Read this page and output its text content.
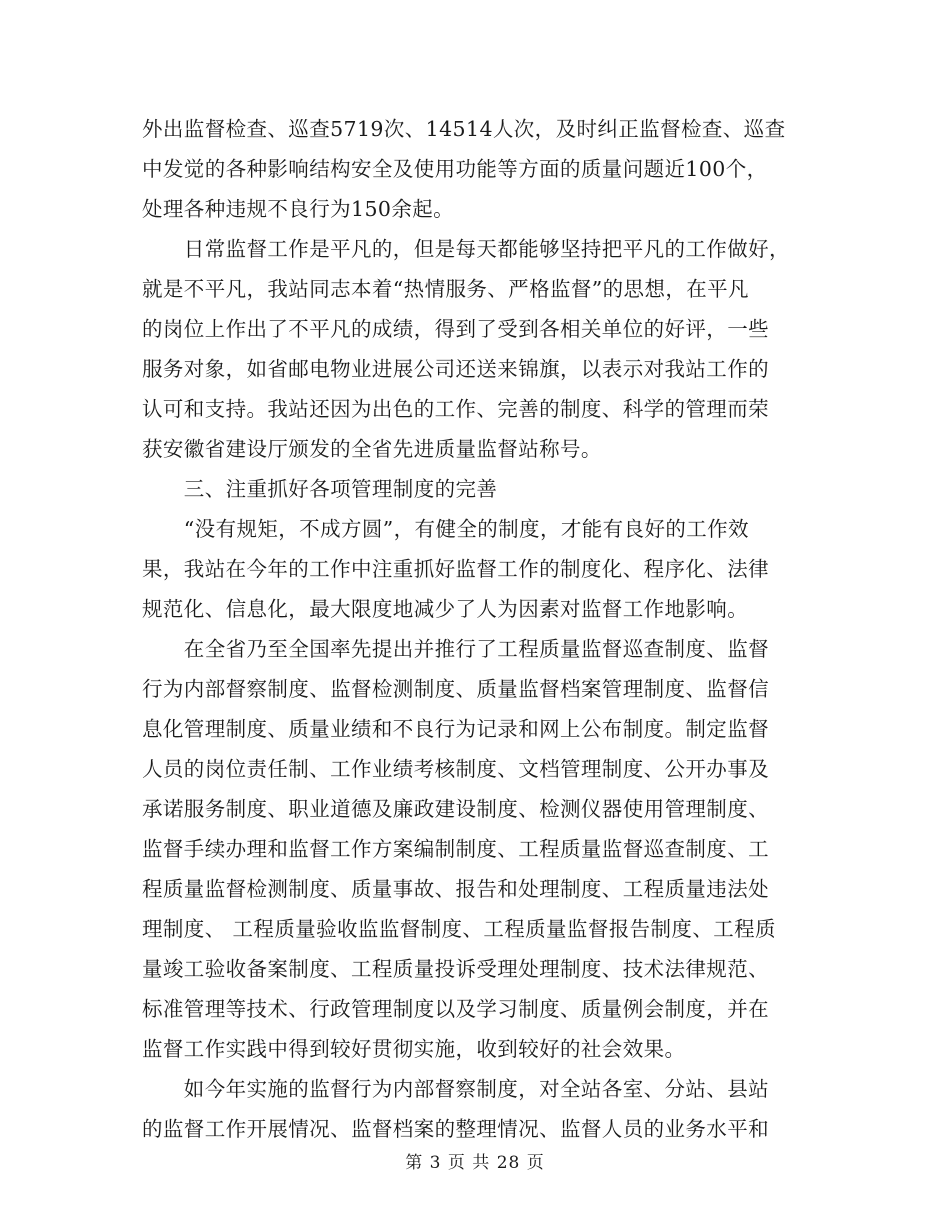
外出监督检查、巡查5719次、14514人次，及时纠正监督检查、巡查
中发觉的各种影响结构安全及使用功能等方面的质量问题近100个，
处理各种违规不良行为150余起。
　　日常监督工作是平凡的，但是每天都能够坚持把平凡的工作做好，
就是不平凡，我站同志本着“热情服务、严格监督”的思想，在平凡
的岗位上作出了不平凡的成绩，得到了受到各相关单位的好评，一些
服务对象，如省邮电物业进展公司还送来锦旗，以表示对我站工作的
认可和支持。我站还因为出色的工作、完善的制度、科学的管理而荣
获安徽省建设厅颁发的全省先进质量监督站称号。
　　三、注重抓好各项管理制度的完善
　　“没有规矩，不成方圆”，有健全的制度，才能有良好的工作效
果，我站在今年的工作中注重抓好监督工作的制度化、程序化、法律
规范化、信息化，最大限度地减少了人为因素对监督工作地影响。
　　在全省乃至全国率先提出并推行了工程质量监督巡查制度、监督
行为内部督察制度、监督检测制度、质量监督档案管理制度、监督信
息化管理制度、质量业绩和不良行为记录和网上公布制度。制定监督
人员的岗位责任制、工作业绩考核制度、文档管理制度、公开办事及
承诺服务制度、职业道德及廉政建设制度、检测仪器使用管理制度、
监督手续办理和监督工作方案编制制度、工程质量监督巡查制度、工
程质量监督检测制度、质量事故、报告和处理制度、工程质量违法处
理制度、 工程质量验收监监督制度、工程质量监督报告制度、工程质
量竣工验收备案制度、工程质量投诉受理处理制度、技术法律规范、
标准管理等技术、行政管理制度以及学习制度、质量例会制度，并在
监督工作实践中得到较好贯彻实施，收到较好的社会效果。
　　如今年实施的监督行为内部督察制度，对全站各室、分站、县站
的监督工作开展情况、监督档案的整理情况、监督人员的业务水平和
第 3 页 共 28 页
